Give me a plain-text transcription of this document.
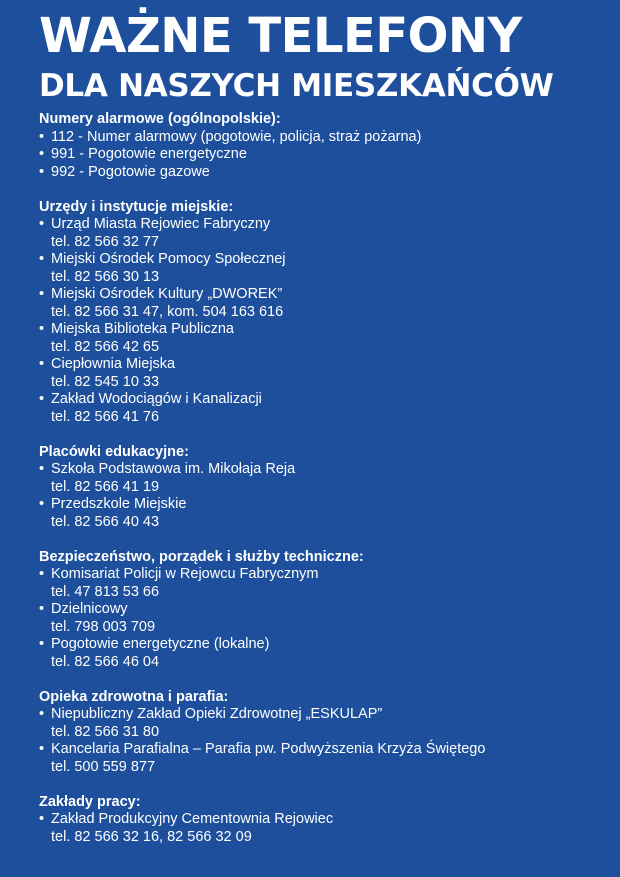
WAŻNE TELEFONY
DLA NASZYCH MIESZKAŃCÓW
Numery alarmowe (ogólnopolskie):
• 112 - Numer alarmowy (pogotowie, policja, straż pożarna)
• 991 - Pogotowie energetyczne
• 992 - Pogotowie gazowe
Urzędy i instytucje miejskie:
• Urząd Miasta Rejowiec Fabryczny
tel. 82 566 32 77
• Miejski Ośrodek Pomocy Społecznej
tel. 82 566 30 13
• Miejski Ośrodek Kultury „DWOREK”
tel. 82 566 31 47, kom. 504 163 616
• Miejska Biblioteka Publiczna
tel. 82 566 42 65
• Ciepłownia Miejska
tel. 82 545 10 33
• Zakład Wodociągów i Kanalizacji
tel. 82 566 41 76
Placówki edukacyjne:
• Szkoła Podstawowa im. Mikołaja Reja
tel. 82 566 41 19
• Przedszkole Miejskie
tel. 82 566 40 43
Bezpieczeństwo, porządek i służby techniczne:
• Komisariat Policji w Rejowcu Fabrycznym
tel. 47 813 53 66
• Dzielnicowy
tel. 798 003 709
• Pogotowie energetyczne (lokalne)
tel. 82 566 46 04
Opieka zdrowotna i parafia:
• Niepubliczny Zakład Opieki Zdrowotnej „ESKULAP”
tel. 82 566 31 80
• Kancelaria Parafialna – Parafia pw. Podwyższenia Krzyża Świętego
tel. 500 559 877
Zakłady pracy:
• Zakład Produkcyjny Cementownia Rejowiec
tel. 82 566 32 16, 82 566 32 09
